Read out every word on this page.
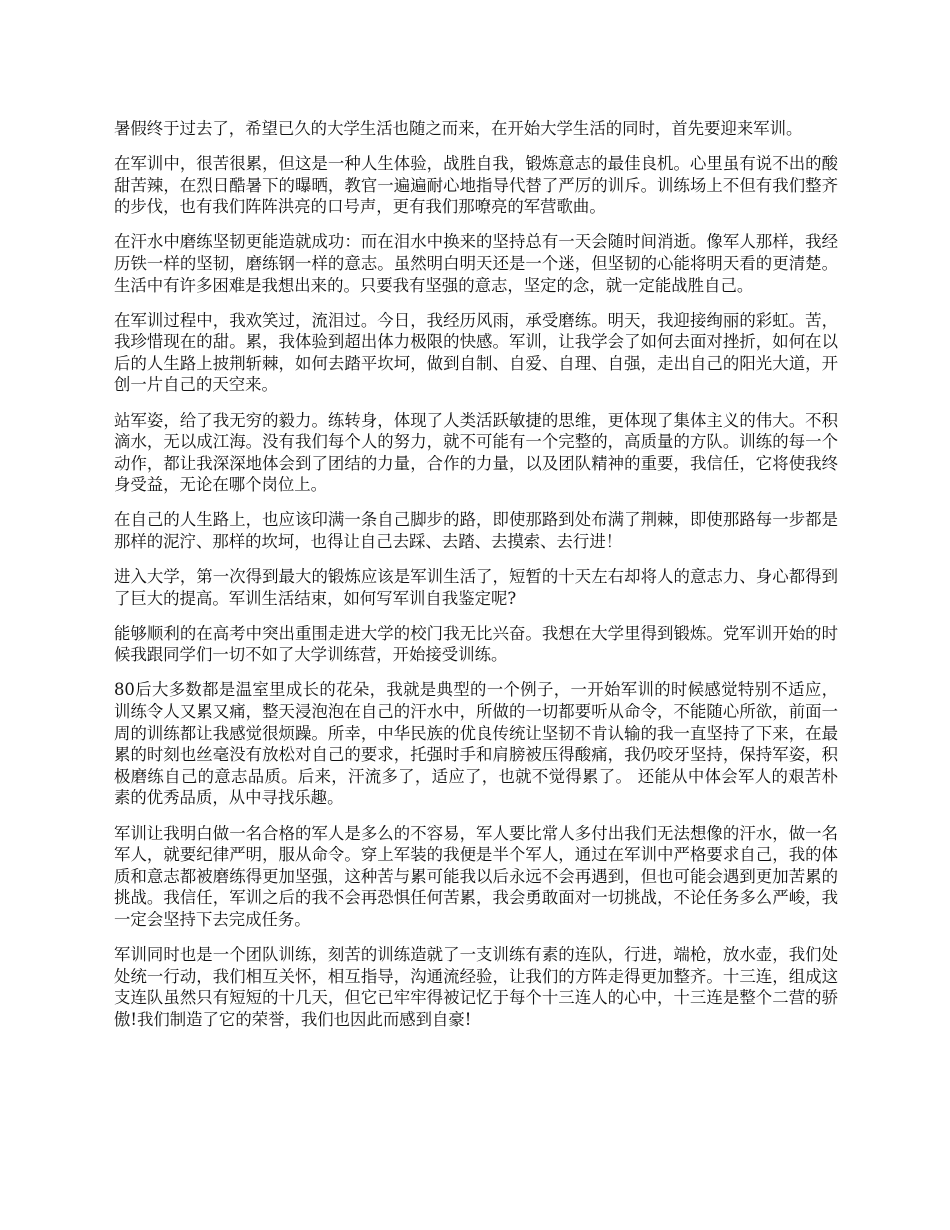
暑假终于过去了，希望已久的大学生活也随之而来，在开始大学生活的同时，首先要迎来军训。

在军训中，很苦很累，但这是一种人生体验，战胜自我，锻炼意志的最佳良机。心里虽有说不出的酸甜苦辣，在烈日酷暑下的曝晒，教官一遍遍耐心地指导代替了严厉的训斥。训练场上不但有我们整齐的步伐，也有我们阵阵洪亮的口号声，更有我们那嘹亮的军营歌曲。

在汗水中磨练坚韧更能造就成功：而在泪水中换来的坚持总有一天会随时间消逝。像军人那样，我经历铁一样的坚韧，磨练钢一样的意志。虽然明白明天还是一个迷，但坚韧的心能将明天看的更清楚。生活中有许多困难是我想出来的。只要我有坚强的意志，坚定的念，就一定能战胜自己。

在军训过程中，我欢笑过，流泪过。今日，我经历风雨，承受磨练。明天，我迎接绚丽的彩虹。苦，我珍惜现在的甜。累，我体验到超出体力极限的快感。军训，让我学会了如何去面对挫折，如何在以后的人生路上披荆斩棘，如何去踏平坎坷，做到自制、自爱、自理、自强，走出自己的阳光大道，开创一片自己的天空来。

站军姿，给了我无穷的毅力。练转身，体现了人类活跃敏捷的思维，更体现了集体主义的伟大。不积滴水，无以成江海。没有我们每个人的努力，就不可能有一个完整的，高质量的方队。训练的每一个动作，都让我深深地体会到了团结的力量，合作的力量，以及团队精神的重要，我信任，它将使我终身受益，无论在哪个岗位上。

在自己的人生路上，也应该印满一条自己脚步的路，即使那路到处布满了荆棘，即使那路每一步都是那样的泥泞、那样的坎坷，也得让自己去踩、去踏、去摸索、去行进！

进入大学，第一次得到最大的锻炼应该是军训生活了，短暂的十天左右却将人的意志力、身心都得到了巨大的提高。军训生活结束，如何写军训自我鉴定呢?

能够顺利的在高考中突出重围走进大学的校门我无比兴奋。我想在大学里得到锻炼。党军训开始的时候我跟同学们一切不如了大学训练营，开始接受训练。

80后大多数都是温室里成长的花朵，我就是典型的一个例子，一开始军训的时候感觉特别不适应，训练令人又累又痛，整天浸泡泡在自己的汗水中，所做的一切都要听从命令，不能随心所欲，前面一周的训练都让我感觉很烦躁。所幸，中华民族的优良传统让坚韧不肯认输的我一直坚持了下来，在最累的时刻也丝毫没有放松对自己的要求，托强时手和肩膀被压得酸痛，我仍咬牙坚持，保持军姿，积极磨练自己的意志品质。后来，汗流多了，适应了，也就不觉得累了。 还能从中体会军人的艰苦朴素的优秀品质，从中寻找乐趣。

军训让我明白做一名合格的军人是多么的不容易，军人要比常人多付出我们无法想像的汗水，做一名军人，就要纪律严明，服从命令。穿上军装的我便是半个军人，通过在军训中严格要求自己，我的体质和意志都被磨练得更加坚强，这种苦与累可能我以后永远不会再遇到，但也可能会遇到更加苦累的挑战。我信任，军训之后的我不会再恐惧任何苦累，我会勇敢面对一切挑战，不论任务多么严峻，我一定会坚持下去完成任务。

军训同时也是一个团队训练，刻苦的训练造就了一支训练有素的连队，行进，端枪，放水壶，我们处处统一行动，我们相互关怀，相互指导，沟通流经验，让我们的方阵走得更加整齐。十三连，组成这支连队虽然只有短短的十几天，但它已牢牢得被记忆于每个十三连人的心中，十三连是整个二营的骄傲!我们制造了它的荣誉，我们也因此而感到自豪!
